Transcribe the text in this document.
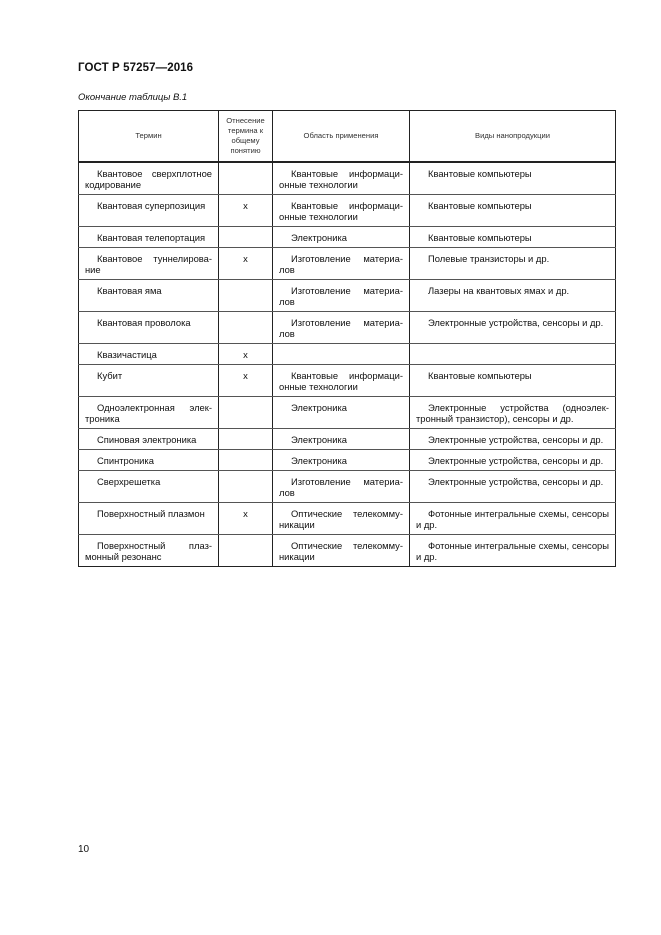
ГОСТ Р 57257—2016
Окончание таблицы В.1
Термин	Отнесение термина к общему понятию	Область применения	Виды нанопродукции
Квантовое сверхплотное кодирование		Квантовые информационные технологии	Квантовые компьютеры
Квантовая суперпозиция	x	Квантовые информационные технологии	Квантовые компьютеры
Квантовая телепортация		Электроника	Квантовые компьютеры
Квантовое туннелирование	x	Изготовление материалов	Полевые транзисторы и др.
Квантовая яма		Изготовление материалов	Лазеры на квантовых ямах и др.
Квантовая проволока		Изготовление материалов	Электронные устройства, сенсоры и др.
Квазичастица	x		
Кубит	x	Квантовые информационные технологии	Квантовые компьютеры
Одноэлектронная электроника		Электроника	Электронные устройства (одноэлектронный транзистор), сенсоры и др.
Спиновая электроника		Электроника	Электронные устройства, сенсоры и др.
Спинтроника		Электроника	Электронные устройства, сенсоры и др.
Сверхрешетка		Изготовление материалов	Электронные устройства, сенсоры и др.
Поверхностный плазмон	x	Оптические телекоммуникации	Фотонные интегральные схемы, сенсоры и др.
Поверхностный плазмонный резонанс		Оптические телекоммуникации	Фотонные интегральные схемы, сенсоры и др.
10
